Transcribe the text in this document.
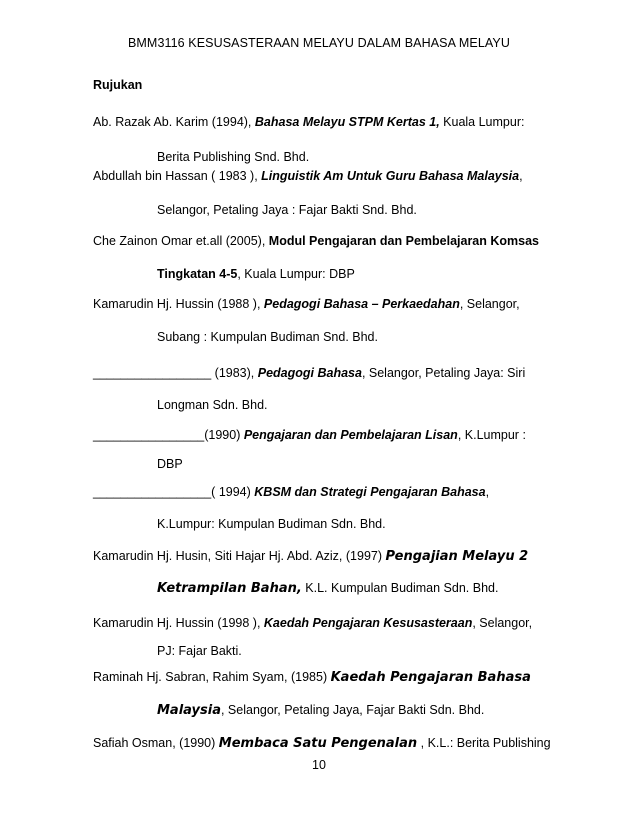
BMM3116 KESUSASTERAAN MELAYU DALAM BAHASA MELAYU
Rujukan
Ab. Razak Ab. Karim (1994), Bahasa Melayu STPM Kertas 1, Kuala Lumpur:
Berita Publishing Snd. Bhd.
Abdullah bin Hassan ( 1983 ), Linguistik Am Untuk Guru Bahasa Malaysia,
Selangor, Petaling Jaya : Fajar Bakti Snd. Bhd.
Che Zainon Omar et.all (2005), Modul Pengajaran dan Pembelajaran Komsas
Tingkatan 4-5, Kuala Lumpur: DBP
Kamarudin Hj. Hussin (1988 ), Pedagogi Bahasa – Perkaedahan, Selangor,
Subang : Kumpulan Budiman Snd. Bhd.
_________________ (1983), Pedagogi Bahasa, Selangor, Petaling Jaya: Siri
Longman Sdn. Bhd.
________________(1990) Pengajaran dan Pembelajaran Lisan, K.Lumpur :
DBP
_________________( 1994) KBSM dan Strategi Pengajaran Bahasa,
K.Lumpur: Kumpulan Budiman Sdn. Bhd.
Kamarudin Hj. Husin, Siti Hajar Hj. Abd. Aziz, (1997) Pengajian Melayu 2
Ketrampilan Bahan, K.L. Kumpulan Budiman Sdn. Bhd.
Kamarudin Hj. Hussin (1998 ), Kaedah Pengajaran Kesusasteraan, Selangor,
PJ: Fajar Bakti.
Raminah Hj. Sabran, Rahim Syam, (1985) Kaedah Pengajaran Bahasa
Malaysia, Selangor, Petaling Jaya, Fajar Bakti Sdn. Bhd.
Safiah Osman, (1990) Membaca Satu Pengenalan , K.L.: Berita Publishing
10
